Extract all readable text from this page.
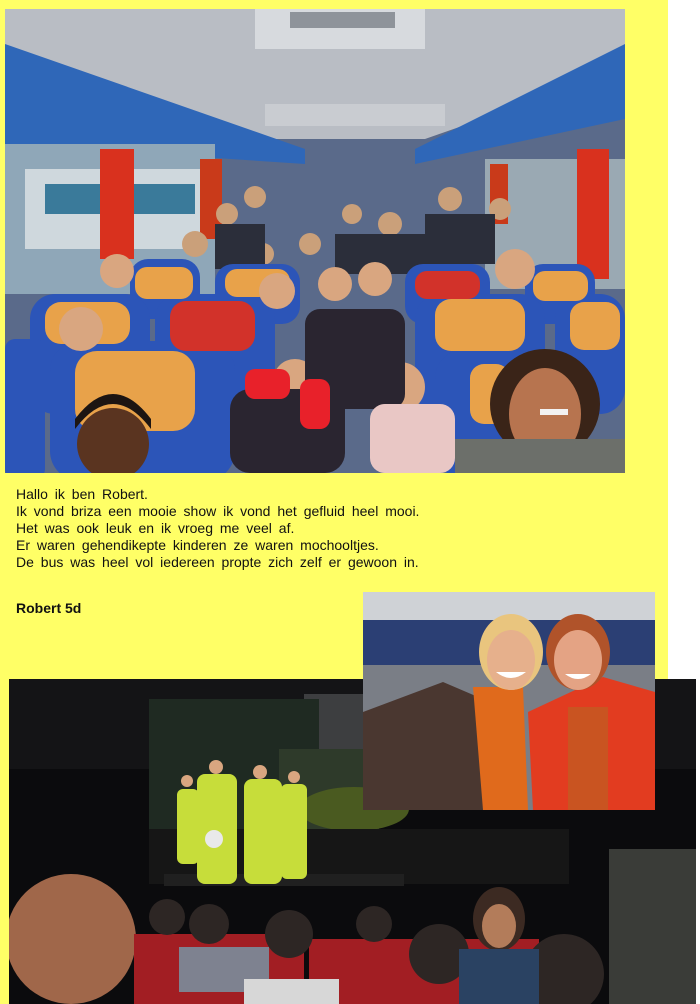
Hallo ik ben Robert.

Ik vond briza een mooie show ik vond het gefluid heel mooi.

Het was ook leuk en ik vroeg me veel af.

Er waren gehendikepte kinderen ze waren mochooltjes.

De bus was heel vol iedereen propte zich zelf er gewoon in.

Robert 5d
